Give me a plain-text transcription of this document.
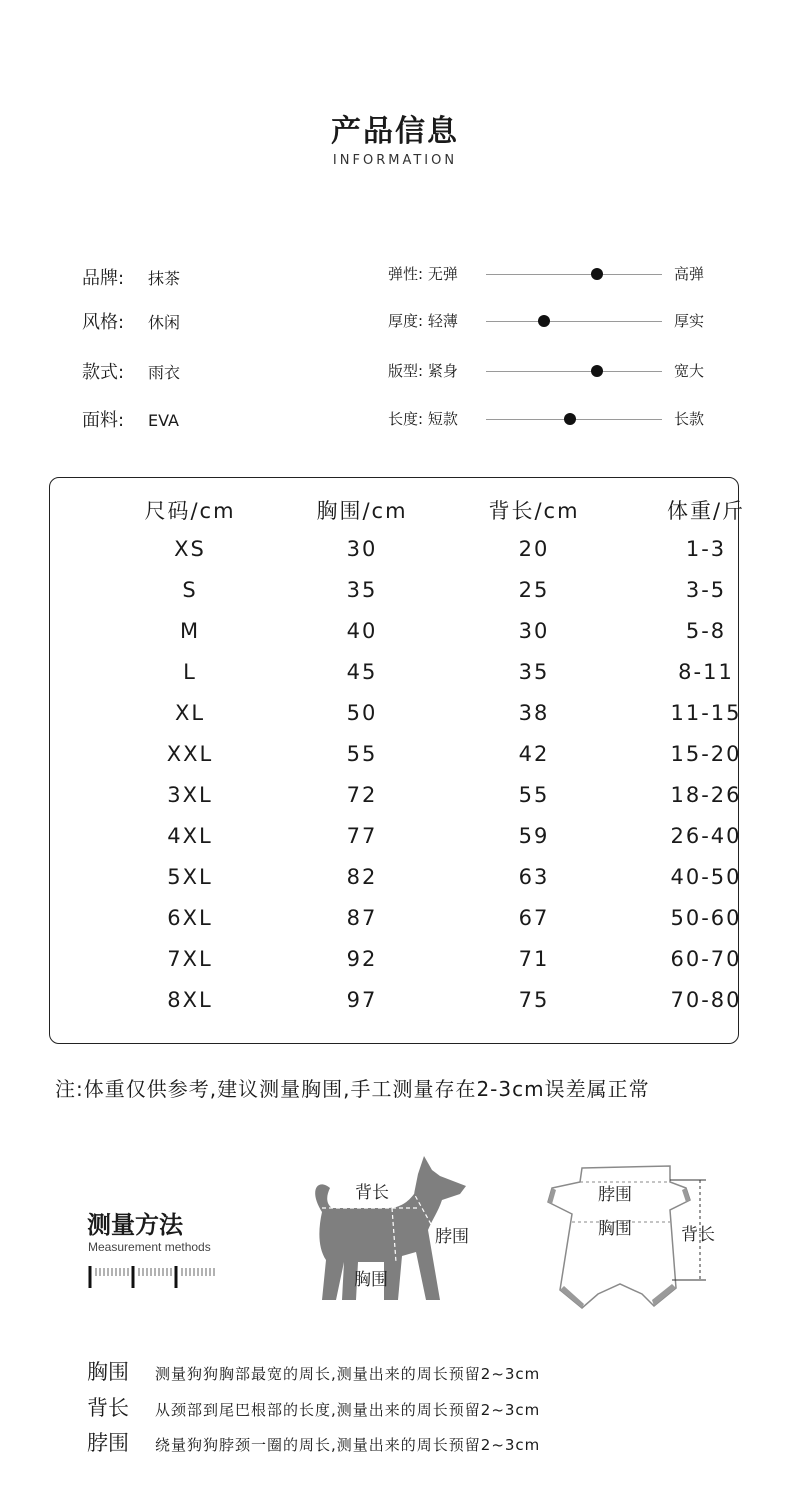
产品信息
INFORMATION
品牌: 抹茶
风格: 休闲
款式: 雨衣
面料: EVA
弹性: 无弹	高弹
厚度: 轻薄	厚实
版型: 紧身	宽大
长度: 短款	长款
尺码/cm	胸围/cm	背长/cm	体重/斤
XS	30	20	1-3
S	35	25	3-5
M	40	30	5-8
L	45	35	8-11
XL	50	38	11-15
XXL	55	42	15-20
3XL	72	55	18-26
4XL	77	59	26-40
5XL	82	63	40-50
6XL	87	67	50-60
7XL	92	71	60-70
8XL	97	75	70-80
注:体重仅供参考,建议测量胸围,手工测量存在2-3cm误差属正常
测量方法
Measurement methods
背长
脖围
胸围
脖围
胸围	背长
胸围 测量狗狗胸部最宽的周长,测量出来的周长预留2~3cm
背长 从颈部到尾巴根部的长度,测量出来的周长预留2~3cm
脖围 绕量狗狗脖颈一圈的周长,测量出来的周长预留2~3cm
